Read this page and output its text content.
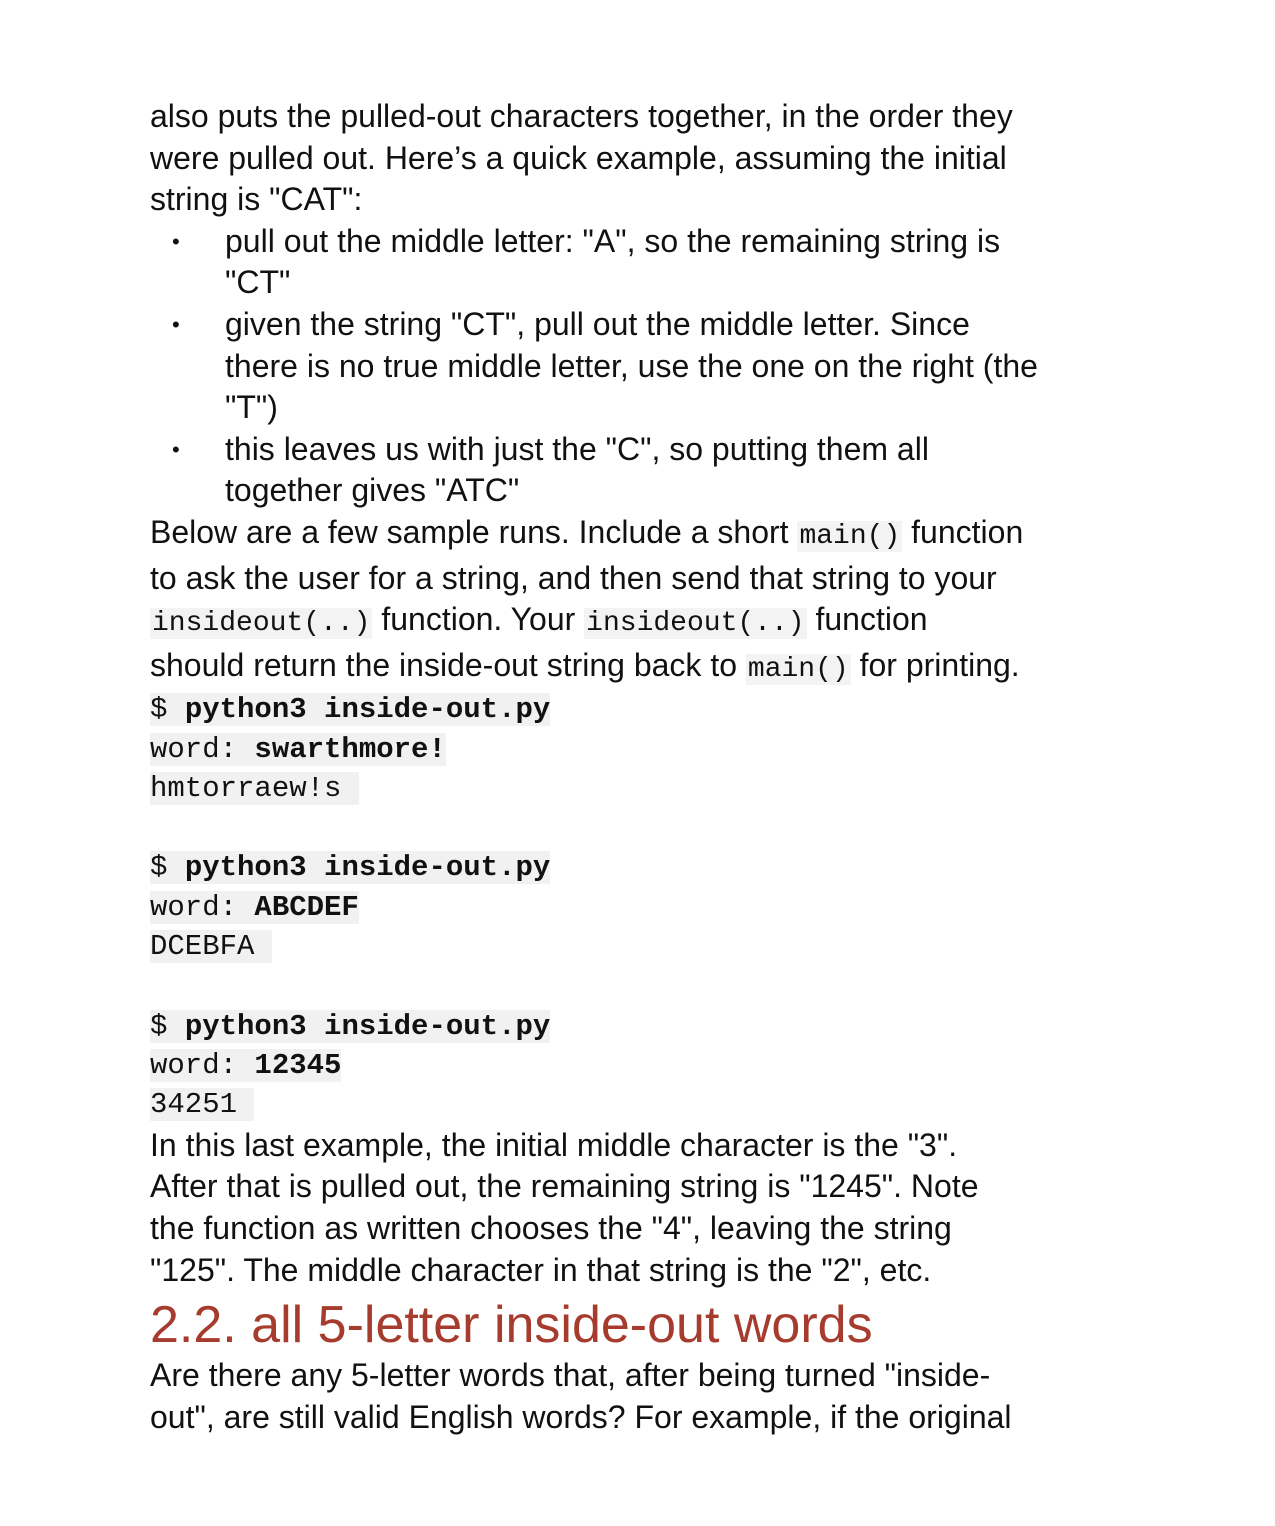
also puts the pulled-out characters together, in the order they
were pulled out. Here’s a quick example, assuming the initial
string is "CAT":

• pull out the middle letter: "A", so the remaining string is
"CT"
• given the string "CT", pull out the middle letter. Since
there is no true middle letter, use the one on the right (the
"T")
• this leaves us with just the "C", so putting them all
together gives "ATC"

Below are a few sample runs. Include a short main() function
to ask the user for a string, and then send that string to your
insideout(..) function. Your insideout(..) function
should return the inside-out string back to main() for printing.

$ python3 inside-out.py
word: swarthmore!
hmtorraew!s
$ python3 inside-out.py
word: ABCDEF
DCEBFA
$ python3 inside-out.py
word: 12345
34251

In this last example, the initial middle character is the "3".
After that is pulled out, the remaining string is "1245". Note
the function as written chooses the "4", leaving the string
"125". The middle character in that string is the "2", etc.

2.2. all 5-letter inside-out words

Are there any 5-letter words that, after being turned "inside-
out", are still valid English words? For example, if the original
